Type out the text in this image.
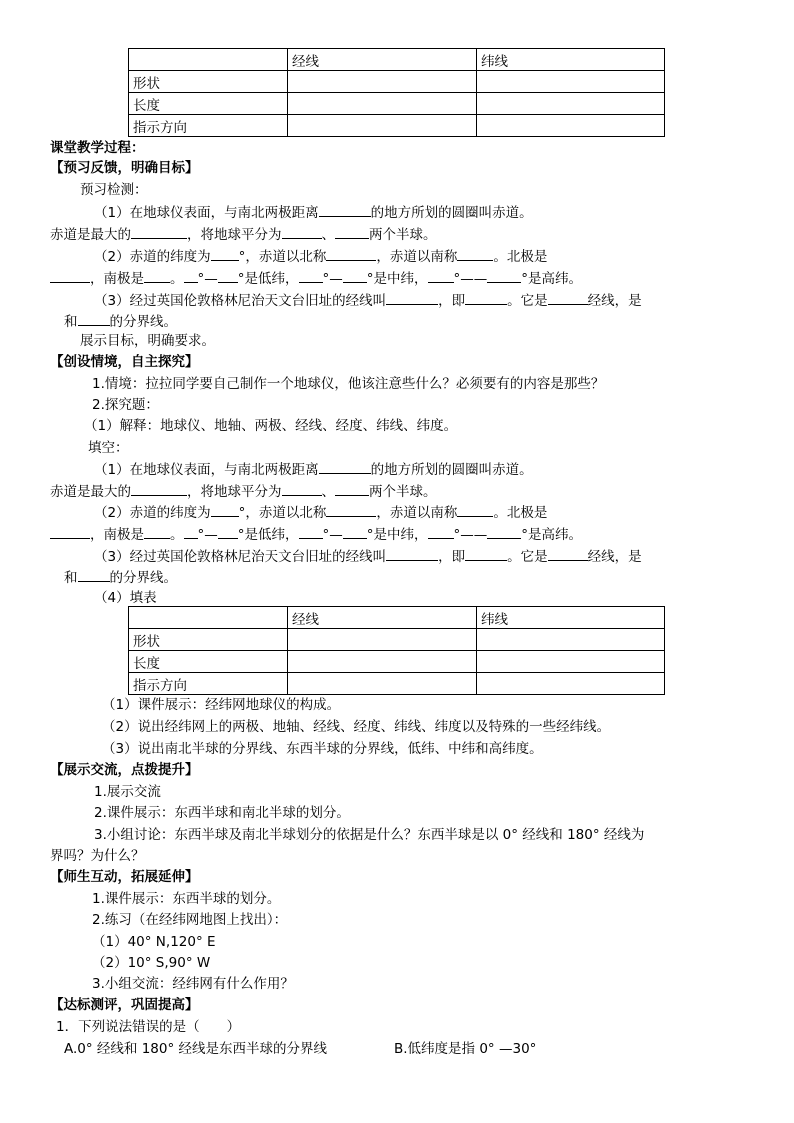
	经线	纬线
形状		
长度		
指示方向		
课堂教学过程：
【预习反馈，明确目标】
预习检测：
（1）在地球仪表面，与南北两极距离	的地方所划的圆圈叫赤道。
赤道是最大的	，将地球平分为	、	两个半球。
（2）赤道的纬度为 °，赤道以北称	，赤道以南称	。北极是
，南极是 。 °— °是低纬， °— °是中纬， °——	°是高纬。
（3）经过英国伦敦格林尼治天文台旧址的经线叫	，即	。它是	经线，是
和 的分界线。
展示目标，明确要求。
【创设情境，自主探究】
1.情境：拉拉同学要自己制作一个地球仪，他该注意些什么？必须要有的内容是那些？
2.探究题：
（1）解释：地球仪、地轴、两极、经线、经度、纬线、纬度。
填空：
（1）在地球仪表面，与南北两极距离	的地方所划的圆圈叫赤道。
赤道是最大的	，将地球平分为	、	两个半球。
（2）赤道的纬度为 °，赤道以北称	，赤道以南称	。北极是
，南极是 。 °— °是低纬， °— °是中纬， °——	°是高纬。
（3）经过英国伦敦格林尼治天文台旧址的经线叫	，即	。它是	经线，是
和 的分界线。
（4）填表
	经线	纬线
形状		
长度		
指示方向		
（1）课件展示：经纬网地球仪的构成。
（2）说出经纬网上的两极、地轴、经线、经度、纬线、纬度以及特殊的一些经纬线。
（3）说出南北半球的分界线、东西半球的分界线，低纬、中纬和高纬度。
【展示交流，点拨提升】
1.展示交流
2.课件展示：东西半球和南北半球的划分。
3.小组讨论：东西半球及南北半球划分的依据是什么？东西半球是以 0° 经线和 180° 经线为
界吗？为什么？
【师生互动，拓展延伸】
1.课件展示：东西半球的划分。
2.练习（在经纬网地图上找出）：
（1）40° N,120° E
（2）10° S,90° W
3.小组交流：经纬网有什么作用？
【达标测评，巩固提高】
1．下列说法错误的是（　　）
A.0° 经线和 180° 经线是东西半球的分界线	B.低纬度是指 0° —30°
